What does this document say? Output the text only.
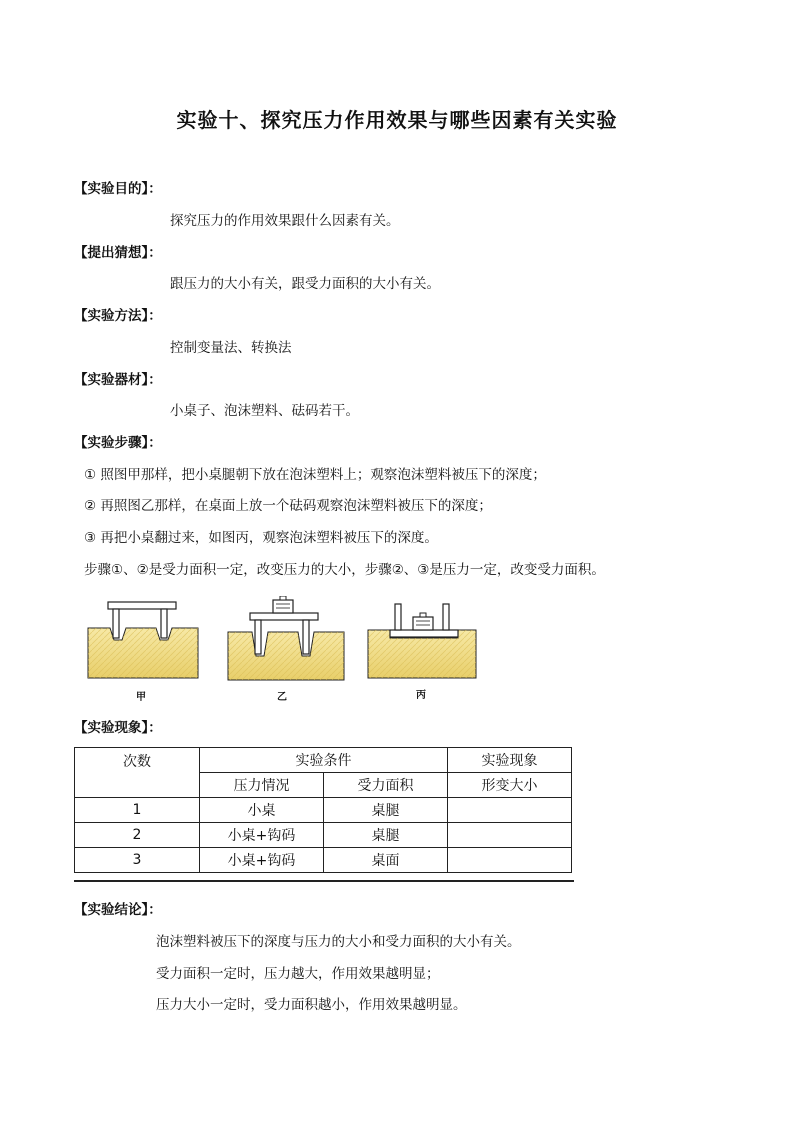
实验十、探究压力作用效果与哪些因素有关实验
【实验目的】：
探究压力的作用效果跟什么因素有关。
【提出猜想】：
跟压力的大小有关，跟受力面积的大小有关。
【实验方法】：
控制变量法、转换法
【实验器材】：
小桌子、泡沫塑料、砝码若干。
【实验步骤】：
① 照图甲那样，把小桌腿朝下放在泡沫塑料上；观察泡沫塑料被压下的深度；
② 再照图乙那样，在桌面上放一个砝码观察泡沫塑料被压下的深度；
③ 再把小桌翻过来，如图丙，观察泡沫塑料被压下的深度。
步骤①、②是受力面积一定，改变压力的大小，步骤②、③是压力一定，改变受力面积。
甲	乙	丙
【实验现象】：
次数	实验条件		实验现象
	压力情况	受力面积	形变大小
1	小桌	桌腿	
2	小桌+钩码	桌腿	
3	小桌+钩码	桌面	
【实验结论】：
泡沫塑料被压下的深度与压力的大小和受力面积的大小有关。
受力面积一定时，压力越大，作用效果越明显；
压力大小一定时，受力面积越小，作用效果越明显。
